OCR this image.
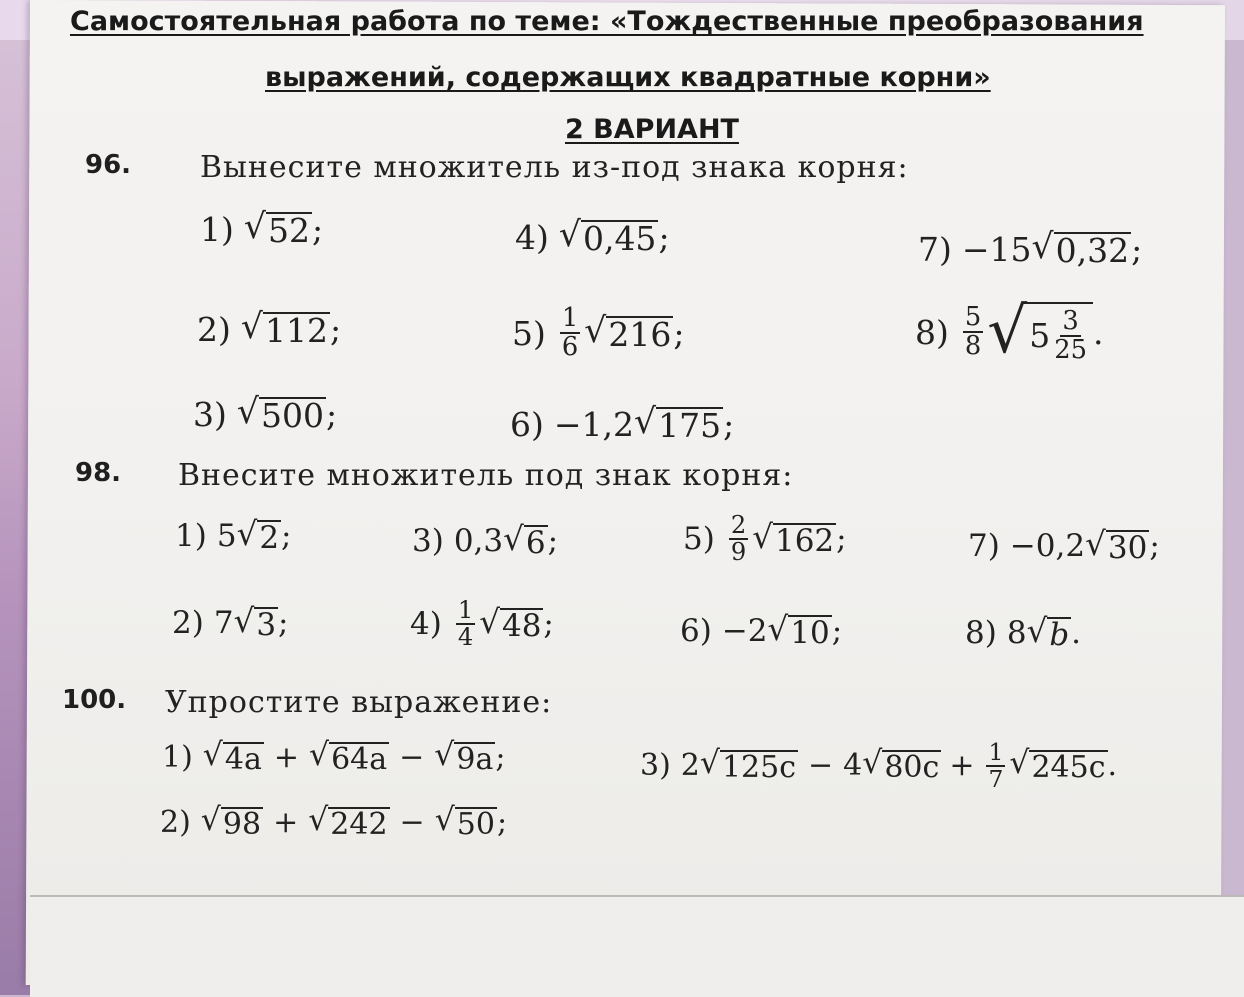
Самостоятельная работа по теме: «Тождественные преобразования
выражений, содержащих квадратные корни»
2 ВАРИАНТ
96. Вынесите множитель из-под знака корня:
1) √ 52 ;
2) √ 112 ;
3) √ 500 ;
4) √ 0,45 ;
$5) \frac{1}{6}$ √ 216 ;
6) −1,2 √ 175 ;
7) −15 √ 0,32 ;
$8) \frac{5}{8}$ √ $5 \frac{3}{25}$ .
98. Внесите множитель под знак корня:
1) 5 √ 2 ;
2) 7 √ 3 ;
3) 0,3 √ 6 ;
$4) \frac{1}{4}$ √ 48 ;
$5) \frac{2}{9}$ √ 162 ;
6) −2 √ 10 ;
7) −0,2 √ 30 ;
8) 8 √ b .
100. Упростите выражение:
1) √ 4a + √ 64a − √ 9a ;
2) √ 98 + √ 242 − √ 50 ;
3) 2 √ 125c − 4 √ $80c + \frac{1}{7}$ √ 245c .
